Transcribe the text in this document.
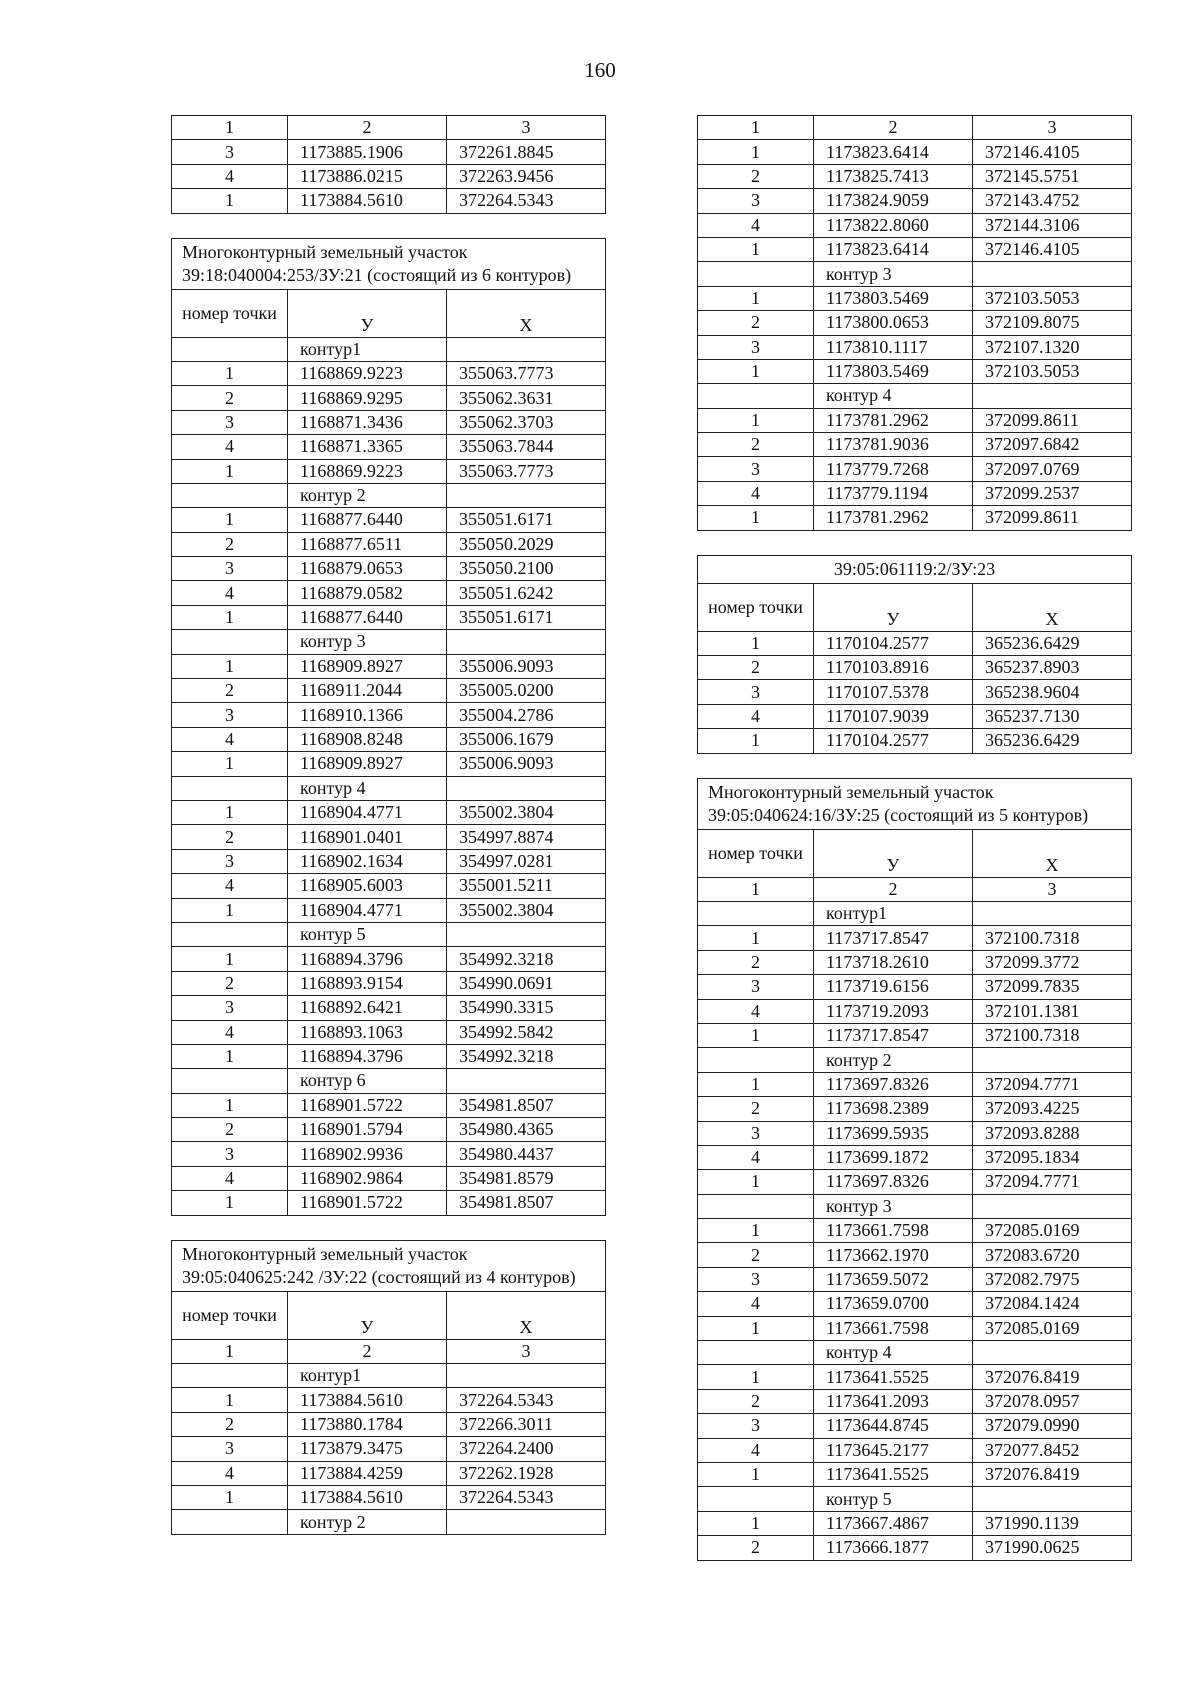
160
1	2	3
3	1173885.1906	372261.8845
4	1173886.0215	372263.9456
1	1173884.5610	372264.5343
Многоконтурный земельный участок 39:18:040004:253/ЗУ:21 (состоящий из 6 контуров)		
номер точки	У	Х
	контур1	
1	1168869.9223	355063.7773
2	1168869.9295	355062.3631
3	1168871.3436	355062.3703
4	1168871.3365	355063.7844
1	1168869.9223	355063.7773
	контур 2	
1	1168877.6440	355051.6171
2	1168877.6511	355050.2029
3	1168879.0653	355050.2100
4	1168879.0582	355051.6242
1	1168877.6440	355051.6171
	контур 3	
1	1168909.8927	355006.9093
2	1168911.2044	355005.0200
3	1168910.1366	355004.2786
4	1168908.8248	355006.1679
1	1168909.8927	355006.9093
	контур 4	
1	1168904.4771	355002.3804
2	1168901.0401	354997.8874
3	1168902.1634	354997.0281
4	1168905.6003	355001.5211
1	1168904.4771	355002.3804
	контур 5	
1	1168894.3796	354992.3218
2	1168893.9154	354990.0691
3	1168892.6421	354990.3315
4	1168893.1063	354992.5842
1	1168894.3796	354992.3218
	контур 6	
1	1168901.5722	354981.8507
2	1168901.5794	354980.4365
3	1168902.9936	354980.4437
4	1168902.9864	354981.8579
1	1168901.5722	354981.8507
Многоконтурный земельный участок 39:05:040625:242 /ЗУ:22 (состоящий из 4 контуров)		
номер точки	У	Х
1	2	3
	контур1	
1	1173884.5610	372264.5343
2	1173880.1784	372266.3011
3	1173879.3475	372264.2400
4	1173884.4259	372262.1928
1	1173884.5610	372264.5343
	контур 2	
1	2	3
1	1173823.6414	372146.4105
2	1173825.7413	372145.5751
3	1173824.9059	372143.4752
4	1173822.8060	372144.3106
1	1173823.6414	372146.4105
	контур 3	
1	1173803.5469	372103.5053
2	1173800.0653	372109.8075
3	1173810.1117	372107.1320
1	1173803.5469	372103.5053
	контур 4	
1	1173781.2962	372099.8611
2	1173781.9036	372097.6842
3	1173779.7268	372097.0769
4	1173779.1194	372099.2537
1	1173781.2962	372099.8611
39:05:061119:2/ЗУ:23		
номер точки	У	Х
1	1170104.2577	365236.6429
2	1170103.8916	365237.8903
3	1170107.5378	365238.9604
4	1170107.9039	365237.7130
1	1170104.2577	365236.6429
Многоконтурный земельный участок 39:05:040624:16/ЗУ:25 (состоящий из 5 контуров)		
номер точки	У	Х
1	2	3
	контур1	
1	1173717.8547	372100.7318
2	1173718.2610	372099.3772
3	1173719.6156	372099.7835
4	1173719.2093	372101.1381
1	1173717.8547	372100.7318
	контур 2	
1	1173697.8326	372094.7771
2	1173698.2389	372093.4225
3	1173699.5935	372093.8288
4	1173699.1872	372095.1834
1	1173697.8326	372094.7771
	контур 3	
1	1173661.7598	372085.0169
2	1173662.1970	372083.6720
3	1173659.5072	372082.7975
4	1173659.0700	372084.1424
1	1173661.7598	372085.0169
	контур 4	
1	1173641.5525	372076.8419
2	1173641.2093	372078.0957
3	1173644.8745	372079.0990
4	1173645.2177	372077.8452
1	1173641.5525	372076.8419
	контур 5	
1	1173667.4867	371990.1139
2	1173666.1877	371990.0625
